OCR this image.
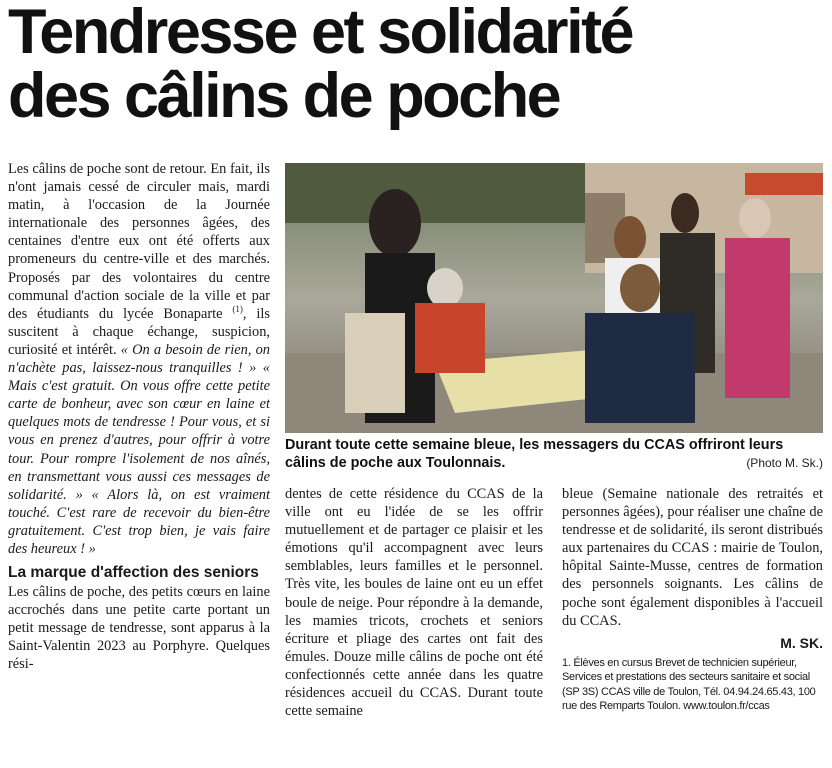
Tendresse et solidarité
des câlins de poche

Les câlins de poche sont de retour. En fait, ils n'ont jamais cessé de circuler mais, mardi matin, à l'occasion de la Journée internationale des personnes âgées, des centaines d'entre eux ont été offerts aux promeneurs du centre-ville et des marchés. Proposés par des volontaires du centre communal d'action sociale de la ville et par des étudiants du lycée Bonaparte $^{(1)}$, ils suscitent à chaque échange, suspicion, curiosité et intérêt. « On a besoin de rien, on n'achète pas, laissez-nous tranquilles ! » « Mais c'est gratuit. On vous offre cette petite carte de bonheur, avec son cœur en laine et quelques mots de tendresse ! Pour vous, et si vous en prenez d'autres, pour offrir à votre tour. Pour rompre l'isolement de nos aînés, en transmettant vous aussi ces messages de solidarité. » « Alors là, on est vraiment touché. C'est rare de recevoir du bien-être gratuitement. C'est trop bien, je vais faire des heureux ! »

La marque d'affection des seniors

Les câlins de poche, des petits cœurs en laine accrochés dans une petite carte portant un petit message de tendresse, sont apparus à la Saint-Valentin 2023 au Porphyre. Quelques rési-

Durant toute cette semaine bleue, les messagers du CCAS offriront leurs câlins de poche aux Toulonnais.	(Photo M. Sk.)

dentes de cette résidence du CCAS de la ville ont eu l'idée de se les offrir mutuellement et de partager ce plaisir et les émotions qu'il accompagnent avec leurs semblables, leurs familles et le personnel. Très vite, les boules de laine ont eu un effet boule de neige. Pour répondre à la demande, les mamies tricots, crochets et seniors écriture et pliage des cartes ont fait des émules. Douze mille câlins de poche ont été confectionnés cette année dans les quatre résidences accueil du CCAS. Durant toute cette semaine

bleue (Semaine nationale des retraités et personnes âgées), pour réaliser une chaîne de tendresse et de solidarité, ils seront distribués aux partenaires du CCAS : mairie de Toulon, hôpital Sainte-Musse, centres de formation des personnels soignants. Les câlins de poche sont également disponibles à l'accueil du CCAS.

M. SK.

1. Élèves en cursus Brevet de technicien supérieur, Services et prestations des secteurs sanitaire et social (SP 3S) CCAS ville de Toulon, Tél. 04.94.24.65.43, 100 rue des Remparts Toulon. www.toulon.fr/ccas
